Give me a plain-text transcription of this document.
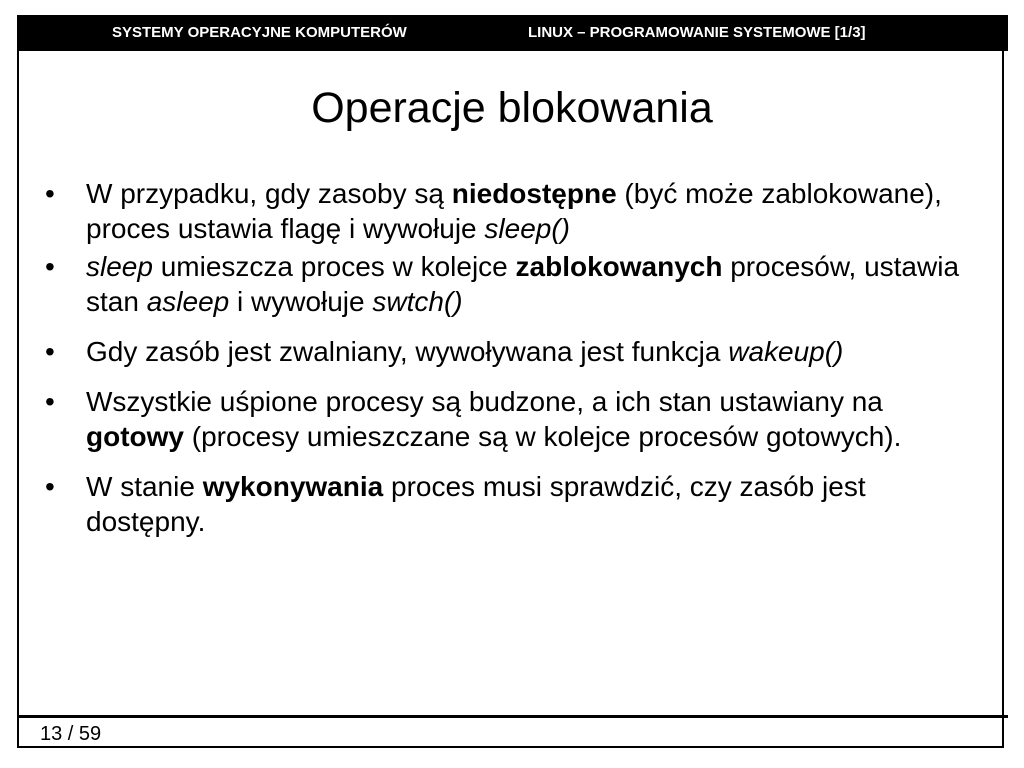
SYSTEMY OPERACYJNE KOMPUTERÓW	LINUX – PROGRAMOWANIE SYSTEMOWE [1/3]
Operacje blokowania
• W przypadku, gdy zasoby są niedostępne (być może zablokowane), proces ustawia flagę i wywołuje sleep()
• sleep umieszcza proces w kolejce zablokowanych procesów, ustawia stan asleep i wywołuje swtch()
• Gdy zasób jest zwalniany, wywoływana jest funkcja wakeup()
• Wszystkie uśpione procesy są budzone, a ich stan ustawiany na gotowy (procesy umieszczane są w kolejce procesów gotowych).
• W stanie wykonywania proces musi sprawdzić, czy zasób jest dostępny.
13 / 59
